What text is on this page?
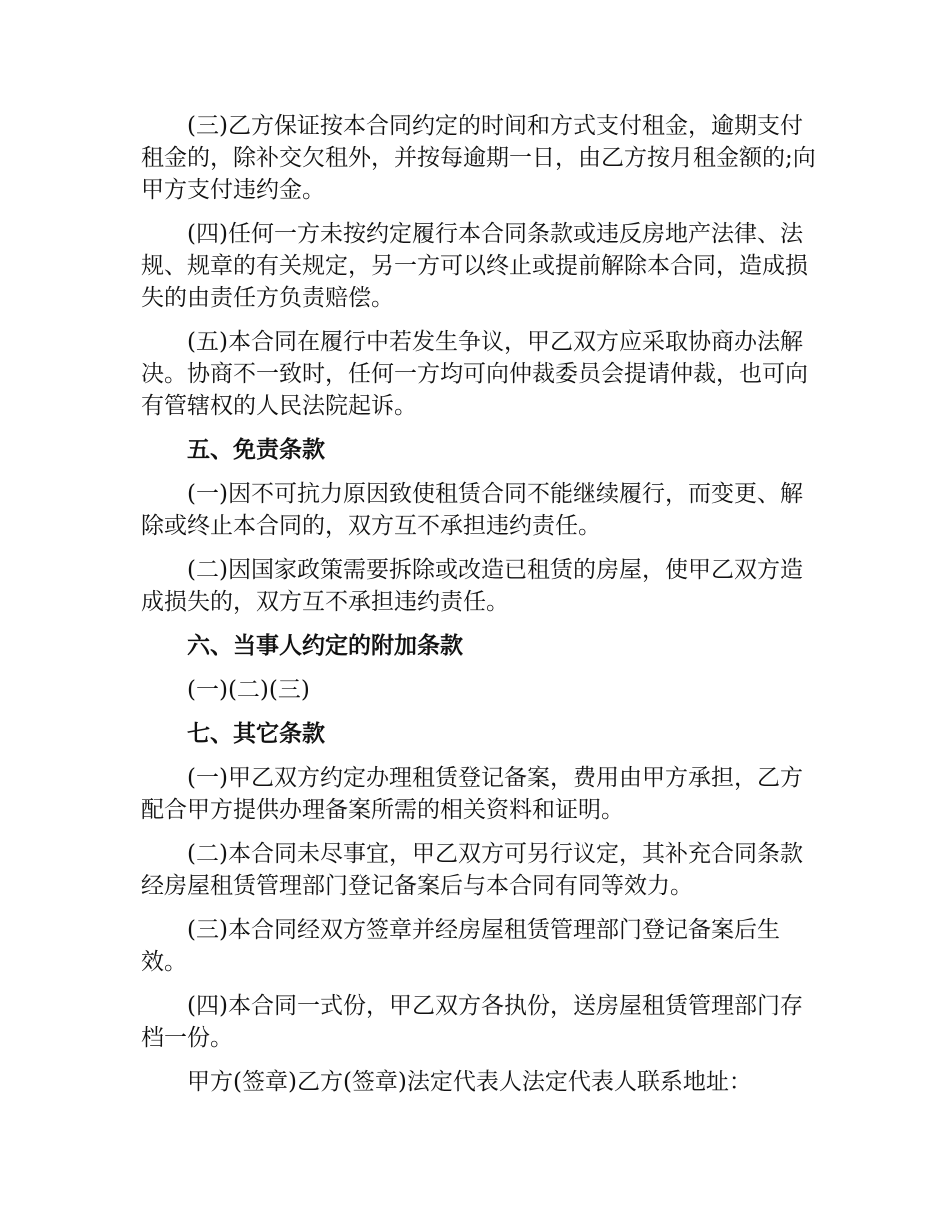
(三)乙方保证按本合同约定的时间和方式支付租金，逾期支付租金的，除补交欠租外，并按每逾期一日，由乙方按月租金额的;向甲方支付违约金。

(四)任何一方未按约定履行本合同条款或违反房地产法律、法规、规章的有关规定，另一方可以终止或提前解除本合同，造成损失的由责任方负责赔偿。

(五)本合同在履行中若发生争议，甲乙双方应采取协商办法解决。协商不一致时，任何一方均可向仲裁委员会提请仲裁，也可向有管辖权的人民法院起诉。

五、免责条款

(一)因不可抗力原因致使租赁合同不能继续履行，而变更、解除或终止本合同的，双方互不承担违约责任。

(二)因国家政策需要拆除或改造已租赁的房屋，使甲乙双方造成损失的，双方互不承担违约责任。

六、当事人约定的附加条款

(一)(二)(三)

七、其它条款

(一)甲乙双方约定办理租赁登记备案，费用由甲方承担，乙方配合甲方提供办理备案所需的相关资料和证明。

(二)本合同未尽事宜，甲乙双方可另行议定，其补充合同条款经房屋租赁管理部门登记备案后与本合同有同等效力。

(三)本合同经双方签章并经房屋租赁管理部门登记备案后生效。

(四)本合同一式份，甲乙双方各执份，送房屋租赁管理部门存档一份。

甲方(签章)乙方(签章)法定代表人法定代表人联系地址：
